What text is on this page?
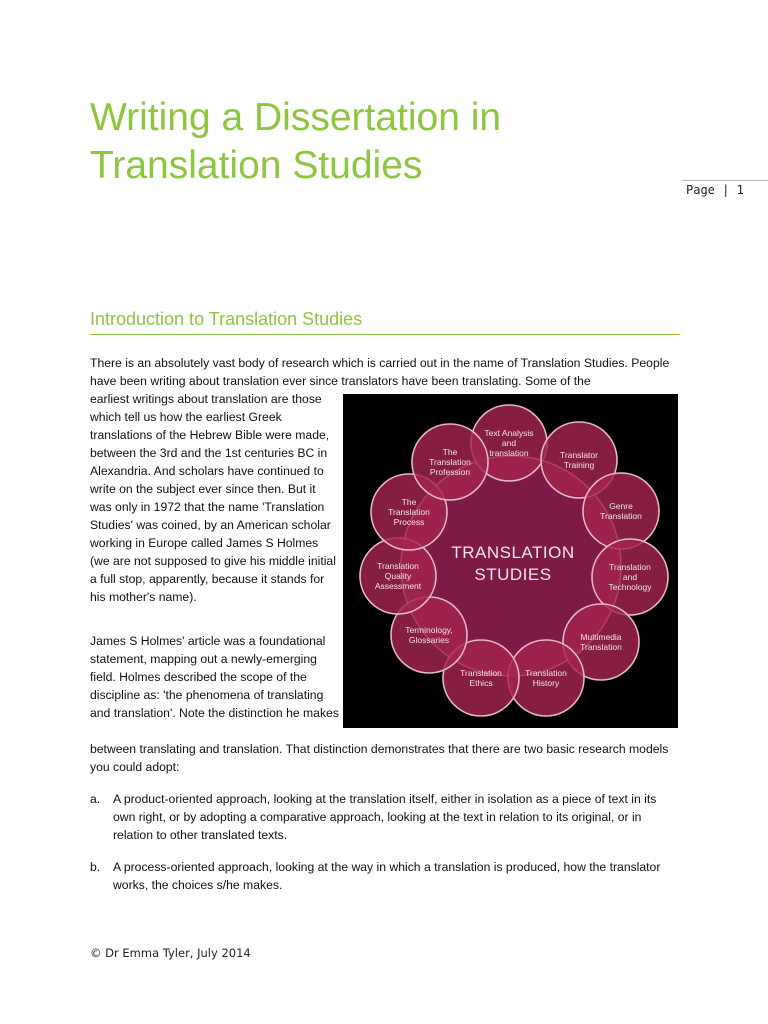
Writing a Dissertation in Translation Studies
Page | 1
Introduction to Translation Studies

There is an absolutely vast body of research which is carried out in the name of Translation Studies. People have been writing about translation ever since translators have been translating. Some of the

earliest writings about translation are those which tell us how the earliest Greek translations of the Hebrew Bible were made, between the 3rd and the 1st centuries BC in Alexandria. And scholars have continued to write on the subject ever since then. But it was only in 1972 that the name 'Translation Studies' was coined, by an American scholar working in Europe called James S Holmes (we are not supposed to give his middle initial a full stop, apparently, because it stands for his mother's name).

James S Holmes' article was a foundational statement, mapping out a newly-emerging field. Holmes described the scope of the discipline as: 'the phenomena of translating and translation'. Note the distinction he makes

between translating and translation. That distinction demonstrates that there are two basic research models you could adopt:

a. A product-oriented approach, looking at the translation itself, either in isolation as a piece of text in its own right, or by adopting a comparative approach, looking at the text in relation to its original, or in relation to other translated texts.
b. A process-oriented approach, looking at the way in which a translation is produced, how the translator works, the choices s/he makes.
Text Analysis
and
translation	Translator
Training
Genre
Translation
Translation
and
Technology
Multimedia
Translation
Translation
History
Translation
Ethics
Terminology,
Glossaries
Translation
Quality
Assessment
The
Translation
Process
The
Translation
Profession
TRANSLATION
STUDIES
© Dr Emma Tyler, July 2014
